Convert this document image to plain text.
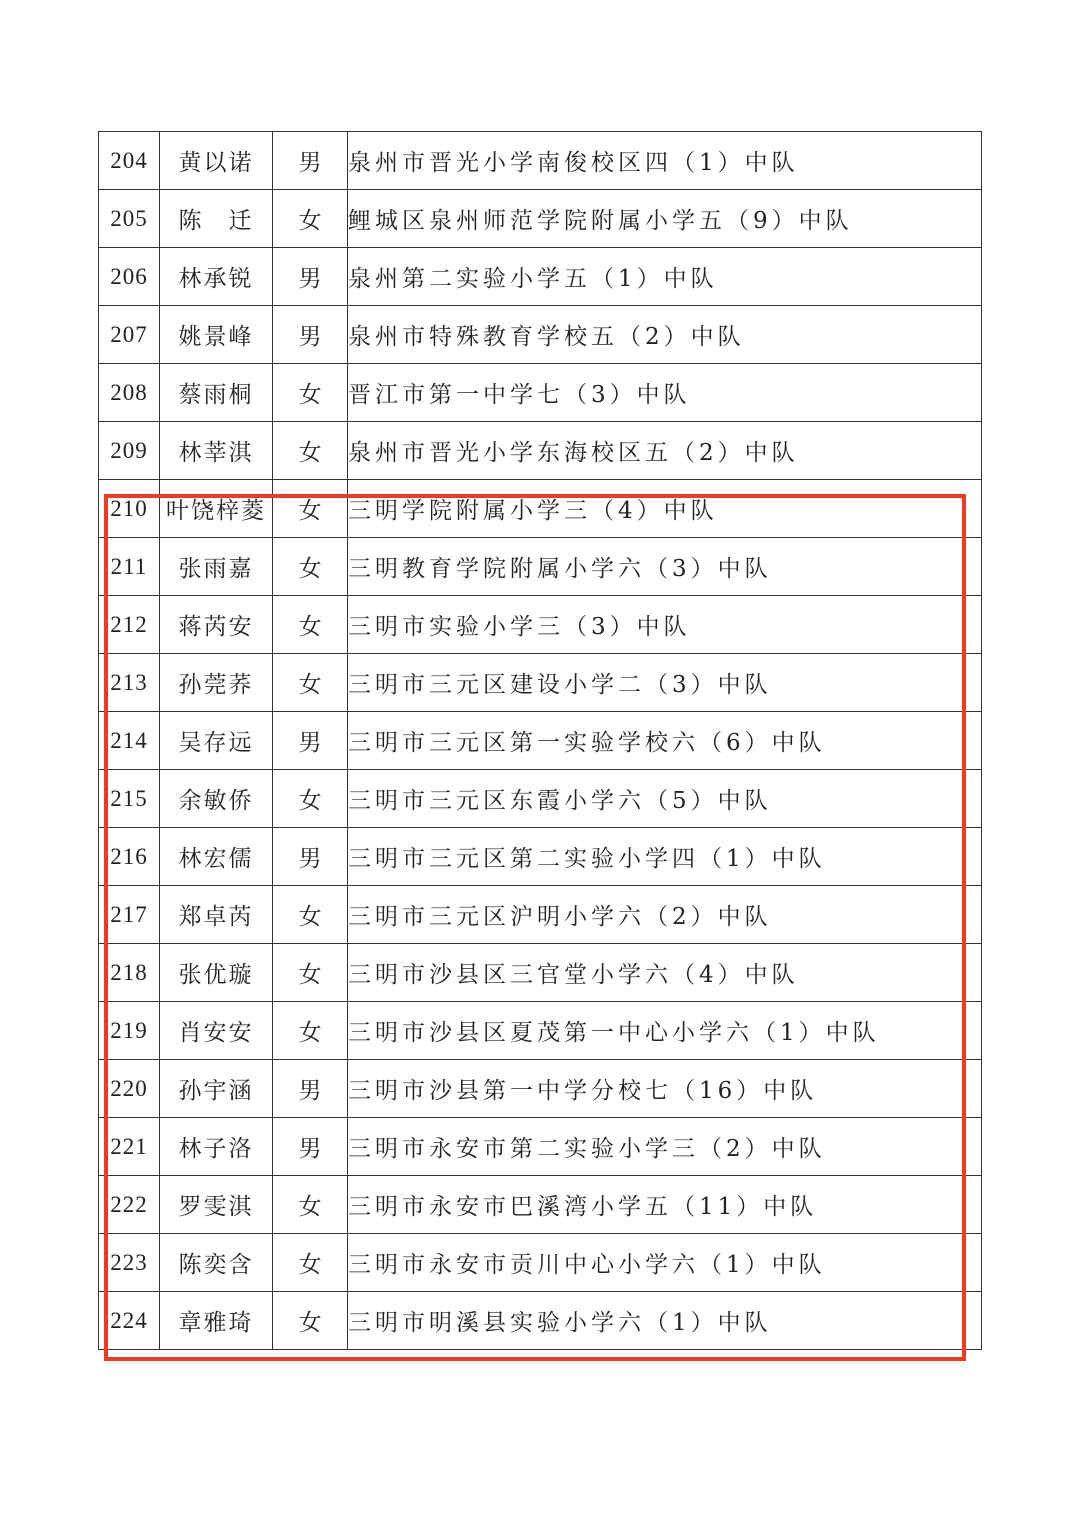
204	黄以诺	男	泉州市晋光小学南俊校区四（1）中队
205	陈　迁	女	鲤城区泉州师范学院附属小学五（9）中队
206	林承锐	男	泉州第二实验小学五（1）中队
207	姚景峰	男	泉州市特殊教育学校五（2）中队
208	蔡雨桐	女	晋江市第一中学七（3）中队
209	林莘淇	女	泉州市晋光小学东海校区五（2）中队
210	叶饶梓菱	女	三明学院附属小学三（4）中队
211	张雨嘉	女	三明教育学院附属小学六（3）中队
212	蒋芮安	女	三明市实验小学三（3）中队
213	孙莞荞	女	三明市三元区建设小学二（3）中队
214	吴存远	男	三明市三元区第一实验学校六（6）中队
215	余敏侨	女	三明市三元区东霞小学六（5）中队
216	林宏儒	男	三明市三元区第二实验小学四（1）中队
217	郑卓芮	女	三明市三元区沪明小学六（2）中队
218	张优璇	女	三明市沙县区三官堂小学六（4）中队
219	肖安安	女	三明市沙县区夏茂第一中心小学六（1）中队
220	孙宇涵	男	三明市沙县第一中学分校七（16）中队
221	林子洛	男	三明市永安市第二实验小学三（2）中队
222	罗雯淇	女	三明市永安市巴溪湾小学五（11）中队
223	陈奕含	女	三明市永安市贡川中心小学六（1）中队
224	章雅琦	女	三明市明溪县实验小学六（1）中队
